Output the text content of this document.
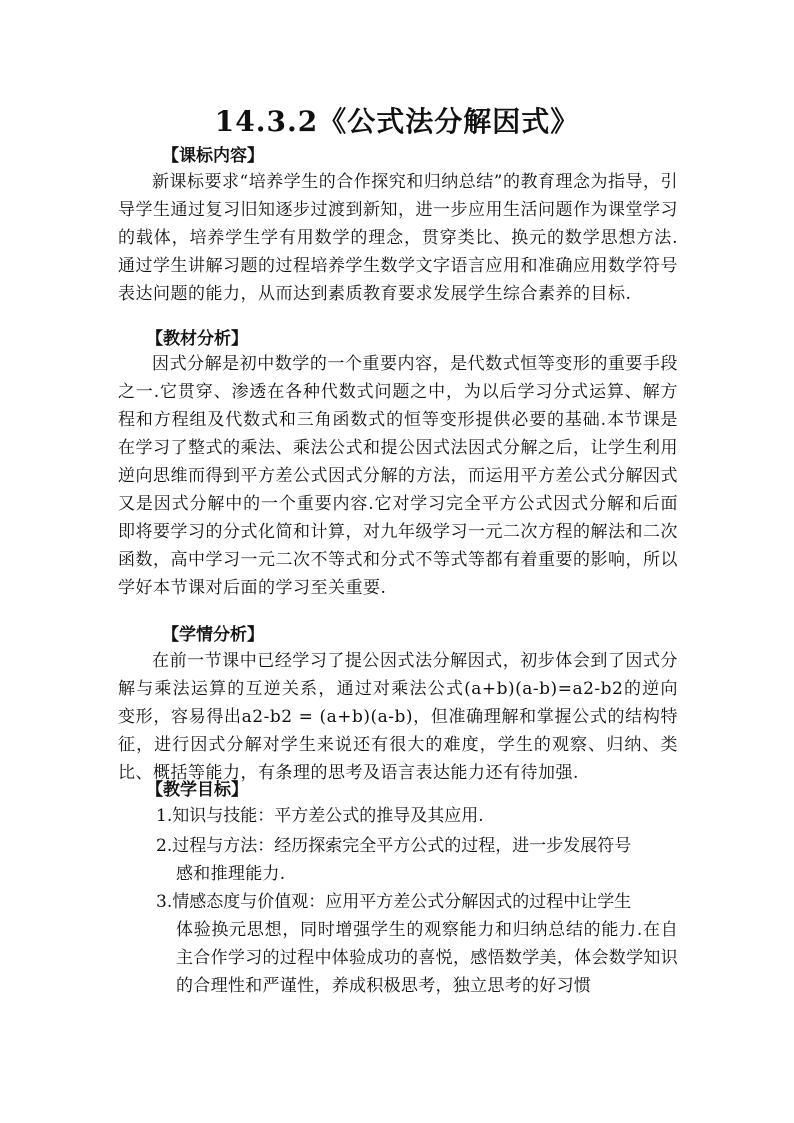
14.3.2《公式法分解因式》
【课标内容】
新课标要求“培养学生的合作探究和归纳总结”的教育理念为指导，引导学生通过复习旧知逐步过渡到新知，进一步应用生活问题作为课堂学习的载体，培养学生学有用数学的理念，贯穿类比、换元的数学思想方法.通过学生讲解习题的过程培养学生数学文字语言应用和准确应用数学符号表达问题的能力，从而达到素质教育要求发展学生综合素养的目标.
【教材分析】
因式分解是初中数学的一个重要内容，是代数式恒等变形的重要手段之一.它贯穿、渗透在各种代数式问题之中，为以后学习分式运算、解方程和方程组及代数式和三角函数式的恒等变形提供必要的基础.本节课是在学习了整式的乘法、乘法公式和提公因式法因式分解之后，让学生利用逆向思维而得到平方差公式因式分解的方法，而运用平方差公式分解因式又是因式分解中的一个重要内容.它对学习完全平方公式因式分解和后面即将要学习的分式化简和计算，对九年级学习一元二次方程的解法和二次函数，高中学习一元二次不等式和分式不等式等都有着重要的影响，所以学好本节课对后面的学习至关重要.
【学情分析】
在前一节课中已经学习了提公因式法分解因式，初步体会到了因式分解与乘法运算的互逆关系，通过对乘法公式(a+b)(a-b)=a2-b2的逆向变形，容易得出a2-b2 = (a+b)(a-b)，但准确理解和掌握公式的结构特征，进行因式分解对学生来说还有很大的难度，学生的观察、归纳、类比、概括等能力，有条理的思考及语言表达能力还有待加强.
【教学目标】
1.知识与技能：平方差公式的推导及其应用.
2.过程与方法：经历探索完全平方公式的过程，进一步发展符号
感和推理能力.
3.情感态度与价值观：应用平方差公式分解因式的过程中让学生
体验换元思想，同时增强学生的观察能力和归纳总结的能力.在自主合作学习的过程中体验成功的喜悦，感悟数学美，体会数学知识的合理性和严谨性，养成积极思考，独立思考的好习惯
